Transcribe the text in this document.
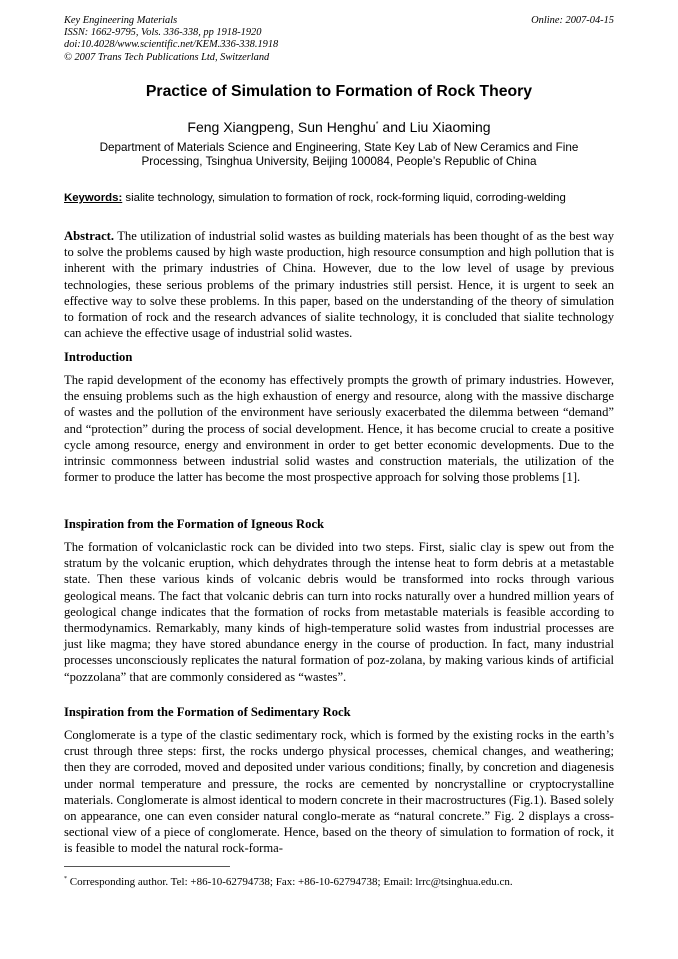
Key Engineering Materials
ISSN: 1662-9795, Vols. 336-338, pp 1918-1920
doi:10.4028/www.scientific.net/KEM.336-338.1918
© 2007 Trans Tech Publications Ltd, Switzerland
Online: 2007-04-15
Practice of Simulation to Formation of Rock Theory
Feng Xiangpeng, Sun Henghu* and Liu Xiaoming
Department of Materials Science and Engineering, State Key Lab of New Ceramics and Fine
Processing, Tsinghua University, Beijing 100084, People’s Republic of China
Keywords: sialite technology, simulation to formation of rock, rock-forming liquid, corroding-welding
Abstract. The utilization of industrial solid wastes as building materials has been thought of as the best way to solve the problems caused by high waste production, high resource consumption and high pollution that is inherent with the primary industries of China. However, due to the low level of usage by previous technologies, these serious problems of the primary industries still persist. Hence, it is urgent to seek an effective way to solve these problems. In this paper, based on the understanding of the theory of simulation to formation of rock and the research advances of sialite technology, it is concluded that sialite technology can achieve the effective usage of industrial solid wastes.
Introduction
The rapid development of the economy has effectively prompts the growth of primary industries. However, the ensuing problems such as the high exhaustion of energy and resource, along with the massive discharge of wastes and the pollution of the environment have seriously exacerbated the dilemma between “demand” and “protection” during the process of social development. Hence, it has become crucial to create a positive cycle among resource, energy and environment in order to get better economic developments. Due to the intrinsic commonness between industrial solid wastes and construction materials, the utilization of the former to produce the latter has become the most prospective approach for solving those problems [1].
Inspiration from the Formation of Igneous Rock
The formation of volcaniclastic rock can be divided into two steps. First, sialic clay is spew out from the stratum by the volcanic eruption, which dehydrates through the intense heat to form debris at a metastable state. Then these various kinds of volcanic debris would be transformed into rocks through various geological means. The fact that volcanic debris can turn into rocks naturally over a hundred million years of geological change indicates that the formation of rocks from metastable materials is feasible according to thermodynamics. Remarkably, many kinds of high-temperature solid wastes from industrial processes are just like magma; they have stored abundance energy in the course of production. In fact, many industrial processes unconsciously replicates the natural formation of poz-zolana, by making various kinds of artificial “pozzolana” that are commonly considered as “wastes”.
Inspiration from the Formation of Sedimentary Rock
Conglomerate is a type of the clastic sedimentary rock, which is formed by the existing rocks in the earth’s crust through three steps: first, the rocks undergo physical processes, chemical changes, and weathering; then they are corroded, moved and deposited under various conditions; finally, by concretion and diagenesis under normal temperature and pressure, the rocks are cemented by noncrystalline or cryptocrystalline materials. Conglomerate is almost identical to modern concrete in their macrostructures (Fig.1). Based solely on appearance, one can even consider natural conglo-merate as “natural concrete.” Fig. 2 displays a cross-sectional view of a piece of conglomerate. Hence, based on the theory of simulation to formation of rock, it is feasible to model the natural rock-forma-
* Corresponding author. Tel: +86-10-62794738; Fax: +86-10-62794738; Email: lrrc@tsinghua.edu.cn.
